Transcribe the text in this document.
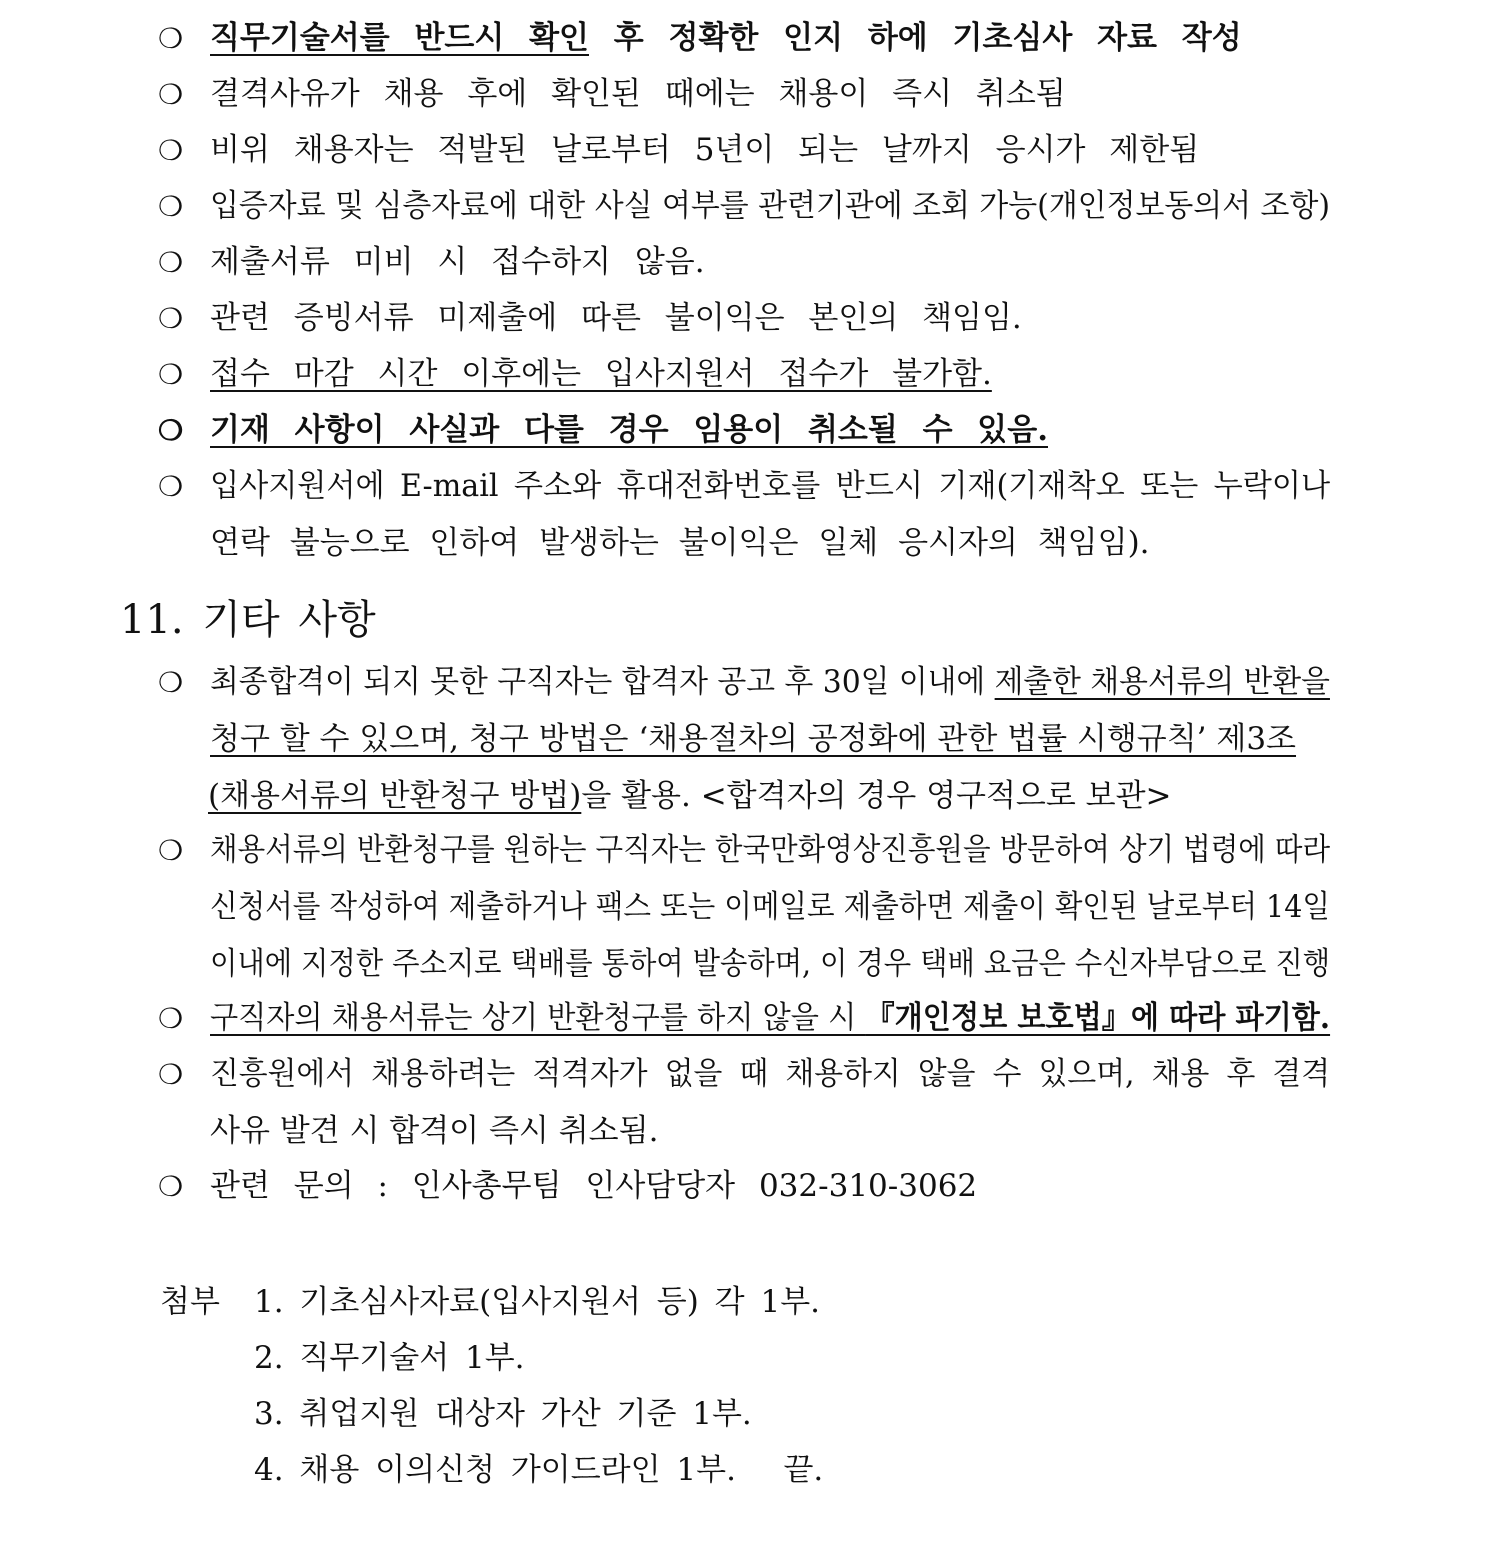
❍ 직무기술서를 반드시 확인 후 정확한 인지 하에 기초심사 자료 작성
❍ 결격사유가 채용 후에 확인된 때에는 채용이 즉시 취소됨
❍ 비위 채용자는 적발된 날로부터 5년이 되는 날까지 응시가 제한됨
❍ 입증자료 및 심층자료에 대한 사실 여부를 관련기관에 조회 가능(개인정보동의서 조항)
❍ 제출서류 미비 시 접수하지 않음.
❍ 관련 증빙서류 미제출에 따른 불이익은 본인의 책임임.
❍ 접수 마감 시간 이후에는 입사지원서 접수가 불가함.
❍ 기재 사항이 사실과 다를 경우 임용이 취소될 수 있음.
❍ 입사지원서에 E-mail 주소와 휴대전화번호를 반드시 기재(기재착오 또는 누락이나
연락 불능으로 인하여 발생하는 불이익은 일체 응시자의 책임임).
11. 기타 사항
❍ 최종합격이 되지 못한 구직자는 합격자 공고 후 30일 이내에 제출한 채용서류의 반환을
청구 할 수 있으며, 청구 방법은 ‘채용절차의 공정화에 관한 법률 시행규칙’ 제3조
(채용서류의 반환청구 방법)을 활용. <합격자의 경우 영구적으로 보관>
❍ 채용서류의 반환청구를 원하는 구직자는 한국만화영상진흥원을 방문하여 상기 법령에 따라
신청서를 작성하여 제출하거나 팩스 또는 이메일로 제출하면 제출이 확인된 날로부터 14일
이내에 지정한 주소지로 택배를 통하여 발송하며, 이 경우 택배 요금은 수신자부담으로 진행
❍ 구직자의 채용서류는 상기 반환청구를 하지 않을 시 『개인정보 보호법』에 따라 파기함.
❍ 진흥원에서 채용하려는 적격자가 없을 때 채용하지 않을 수 있으며, 채용 후 결격
사유 발견 시 합격이 즉시 취소됨.
❍ 관련 문의 : 인사총무팀 인사담당자 032-310-3062
첨부 1. 기초심사자료(입사지원서 등) 각 1부.
2. 직무기술서 1부.
3. 취업지원 대상자 가산 기준 1부.
4. 채용 이의신청 가이드라인 1부.   끝.
